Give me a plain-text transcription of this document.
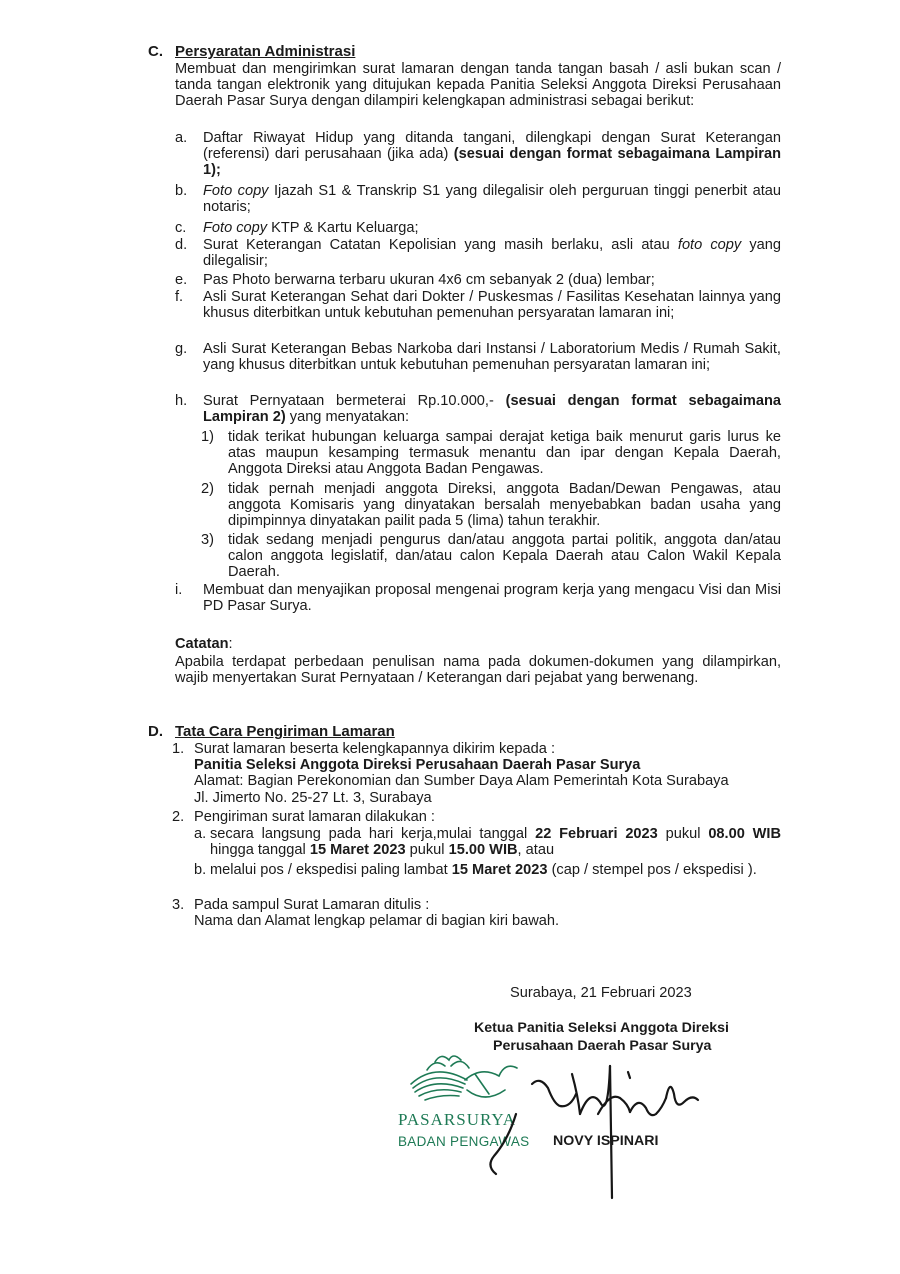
C. Persyaratan Administrasi
Membuat dan mengirimkan surat lamaran dengan tanda tangan basah / asli bukan scan / tanda tangan elektronik yang ditujukan kepada Panitia Seleksi Anggota Direksi Perusahaan Daerah Pasar Surya dengan dilampiri kelengkapan administrasi sebagai berikut:
a.	Daftar Riwayat Hidup yang ditanda tangani, dilengkapi dengan Surat Keterangan (referensi) dari perusahaan (jika ada) (sesuai dengan format sebagaimana Lampiran 1);
b.	Foto copy Ijazah S1 & Transkrip S1 yang dilegalisir oleh perguruan tinggi penerbit atau notaris;
c.	Foto copy KTP & Kartu Keluarga;
d.	Surat Keterangan Catatan Kepolisian yang masih berlaku, asli atau foto copy yang dilegalisir;
e.	Pas Photo berwarna terbaru ukuran 4x6 cm sebanyak 2 (dua) lembar;
f.	Asli Surat Keterangan Sehat dari Dokter / Puskesmas / Fasilitas Kesehatan lainnya yang khusus diterbitkan untuk kebutuhan pemenuhan persyaratan lamaran ini;
g.	Asli Surat Keterangan Bebas Narkoba dari Instansi / Laboratorium Medis / Rumah Sakit, yang khusus diterbitkan untuk kebutuhan pemenuhan persyaratan lamaran ini;
h.	Surat Pernyataan bermeterai Rp.10.000,- (sesuai dengan format sebagaimana Lampiran 2) yang menyatakan:
1) tidak terikat hubungan keluarga sampai derajat ketiga baik menurut garis lurus ke atas maupun kesamping termasuk menantu dan ipar dengan Kepala Daerah, Anggota Direksi atau Anggota Badan Pengawas.
2) tidak pernah menjadi anggota Direksi, anggota Badan/Dewan Pengawas, atau anggota Komisaris yang dinyatakan bersalah menyebabkan badan usaha yang dipimpinnya dinyatakan pailit pada 5 (lima) tahun terakhir.
3) tidak sedang menjadi pengurus dan/atau anggota partai politik, anggota dan/atau calon anggota legislatif, dan/atau calon Kepala Daerah atau Calon Wakil Kepala Daerah.
i.	Membuat dan menyajikan proposal mengenai program kerja yang mengacu Visi dan Misi PD Pasar Surya.
Catatan:
Apabila terdapat perbedaan penulisan nama pada dokumen-dokumen yang dilampirkan, wajib menyertakan Surat Pernyataan / Keterangan dari pejabat yang berwenang.
D. Tata Cara Pengiriman Lamaran
1. Surat lamaran beserta kelengkapannya dikirim kepada :
Panitia Seleksi Anggota Direksi Perusahaan Daerah Pasar Surya
Alamat: Bagian Perekonomian dan Sumber Daya Alam Pemerintah Kota Surabaya
Jl. Jimerto No. 25-27 Lt. 3, Surabaya
2. Pengiriman surat lamaran dilakukan :
a. secara langsung pada hari kerja,mulai tanggal 22 Februari 2023 pukul 08.00 WIB hingga tanggal 15 Maret 2023 pukul 15.00 WIB, atau
b. melalui pos / ekspedisi paling lambat 15 Maret 2023 (cap / stempel pos / ekspedisi ).
3. Pada sampul Surat Lamaran ditulis :
Nama dan Alamat lengkap pelamar di bagian kiri bawah.
Surabaya, 21 Februari 2023
Ketua Panitia Seleksi Anggota Direksi
Perusahaan Daerah Pasar Surya
PASARSURYA
BADAN PENGAWAS NOVY ISPINARI
